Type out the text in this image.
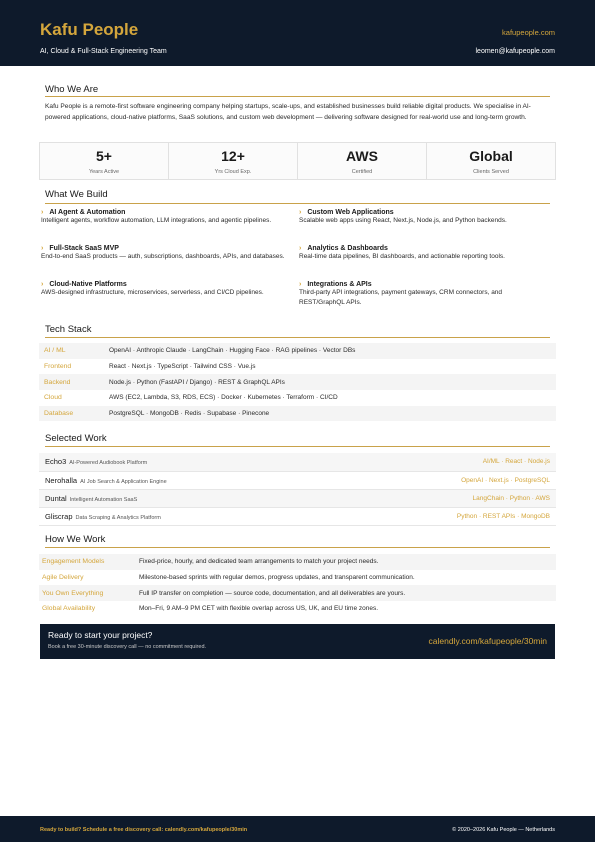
Kafu People
AI, Cloud & Full-Stack Engineering Team
kafupeople.com
leomen@kafupeople.com
Who We Are
Kafu People is a remote-first software engineering company helping startups, scale-ups, and established businesses build reliable digital products. We specialise in AI-powered applications, cloud-native platforms, SaaS solutions, and custom web development — delivering software designed for real-world use and long-term growth.
5+
Years Active
12+
Yrs Cloud Exp.
AWS
Certified
Global
Clients Served
What We Build
› AI Agent & Automation
Intelligent agents, workflow automation, LLM integrations, and agentic pipelines.
› Custom Web Applications
Scalable web apps using React, Next.js, Node.js, and Python backends.
› Full-Stack SaaS MVP
End-to-end SaaS products — auth, subscriptions, dashboards, APIs, and databases.
› Analytics & Dashboards
Real-time data pipelines, BI dashboards, and actionable reporting tools.
› Cloud-Native Platforms
AWS-designed infrastructure, microservices, serverless, and CI/CD pipelines.
› Integrations & APIs
Third-party API integrations, payment gateways, CRM connectors, and REST/GraphQL APIs.
Tech Stack
AI / ML	OpenAI · Anthropic Claude · LangChain · Hugging Face · RAG pipelines · Vector DBs
Frontend	React · Next.js · TypeScript · Tailwind CSS · Vue.js
Backend	Node.js · Python (FastAPI / Django) · REST & GraphQL APIs
Cloud	AWS (EC2, Lambda, S3, RDS, ECS) · Docker · Kubernetes · Terraform · CI/CD
Database	PostgreSQL · MongoDB · Redis · Supabase · Pinecone
Selected Work
Echo3 AI-Powered Audiobook Platform	AI/ML · React · Node.js
Nerohalla AI Job Search & Application Engine	OpenAI · Next.js · PostgreSQL
Duntal Intelligent Automation SaaS	LangChain · Python · AWS
Gliscrap Data Scraping & Analytics Platform	Python · REST APIs · MongoDB
How We Work
Engagement Models	Fixed-price, hourly, and dedicated team arrangements to match your project needs.
Agile Delivery	Milestone-based sprints with regular demos, progress updates, and transparent communication.
You Own Everything	Full IP transfer on completion — source code, documentation, and all deliverables are yours.
Global Availability	Mon–Fri, 9 AM–9 PM CET with flexible overlap across US, UK, and EU time zones.
Ready to start your project?
Book a free 30-minute discovery call — no commitment required.
calendly.com/kafupeople/30min
Ready to build? Schedule a free discovery call: calendly.com/kafupeople/30min	© 2020–2026 Kafu People — Netherlands
